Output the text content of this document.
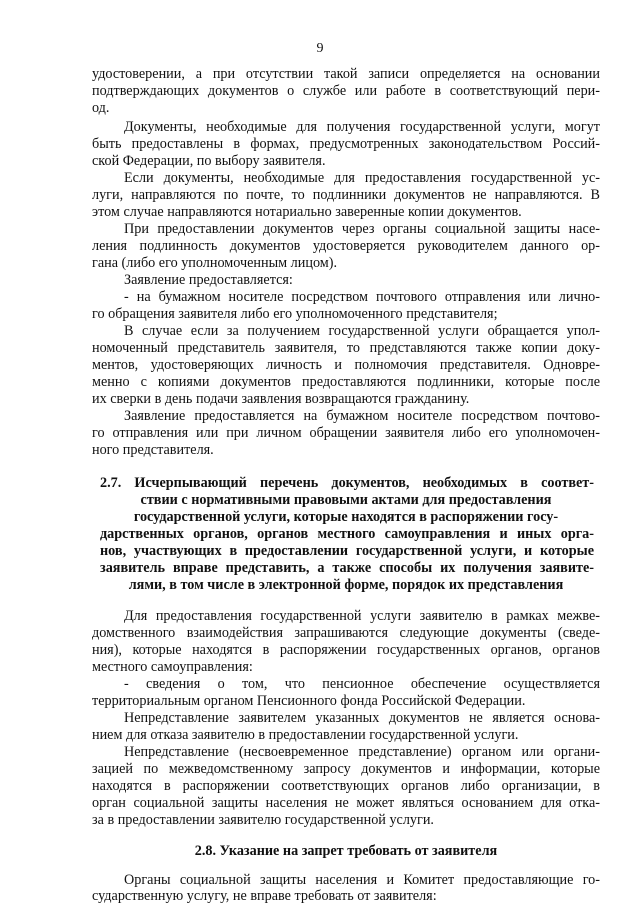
9
удостоверении, а при отсутствии такой записи определяется на основании
подтверждающих документов о службе или работе в соответствующий пери-
од.
Документы, необходимые для получения государственной услуги, могут
быть предоставлены в формах, предусмотренных законодательством Россий-
ской Федерации, по выбору заявителя.
Если документы, необходимые для предоставления государственной ус-
луги, направляются по почте, то подлинники документов не направляются. В
этом случае направляются нотариально заверенные копии документов.
При предоставлении документов через органы социальной защиты насе-
ления подлинность документов удостоверяется руководителем данного ор-
гана (либо его уполномоченным лицом).
Заявление предоставляется:
- на бумажном носителе посредством почтового отправления или лично-
го обращения заявителя либо его уполномоченного представителя;
В случае если за получением государственной услуги обращается упол-
номоченный представитель заявителя, то представляются также копии доку-
ментов, удостоверяющих личность и полномочия представителя. Одновре-
менно с копиями документов предоставляются подлинники, которые после
их сверки в день подачи заявления возвращаются гражданину.
Заявление предоставляется на бумажном носителе посредством почтово-
го отправления или при личном обращении заявителя либо его уполномочен-
ного представителя.
2.7. Исчерпывающий перечень документов, необходимых в соответ-
ствии с нормативными правовыми актами для предоставления
государственной услуги, которые находятся в распоряжении госу-
дарственных органов, органов местного самоуправления и иных орга-
нов, участвующих в предоставлении государственной услуги, и которые
заявитель вправе представить, а также способы их получения заявите-
лями, в том числе в электронной форме, порядок их представления
Для предоставления государственной услуги заявителю в рамках межве-
домственного взаимодействия запрашиваются следующие документы (сведе-
ния), которые находятся в распоряжении государственных органов, органов
местного самоуправления:
- сведения о том, что пенсионное обеспечение осуществляется
территориальным органом Пенсионного фонда Российской Федерации.
Непредставление заявителем указанных документов не является основа-
нием для отказа заявителю в предоставлении государственной услуги.
Непредставление (несвоевременное представление) органом или органи-
зацией по межведомственному запросу документов и информации, которые
находятся в распоряжении соответствующих органов либо организации, в
орган социальной защиты населения не может являться основанием для отка-
за в предоставлении заявителю государственной услуги.
2.8. Указание на запрет требовать от заявителя
Органы социальной защиты населения и Комитет предоставляющие го-
сударственную услугу, не вправе требовать от заявителя:
